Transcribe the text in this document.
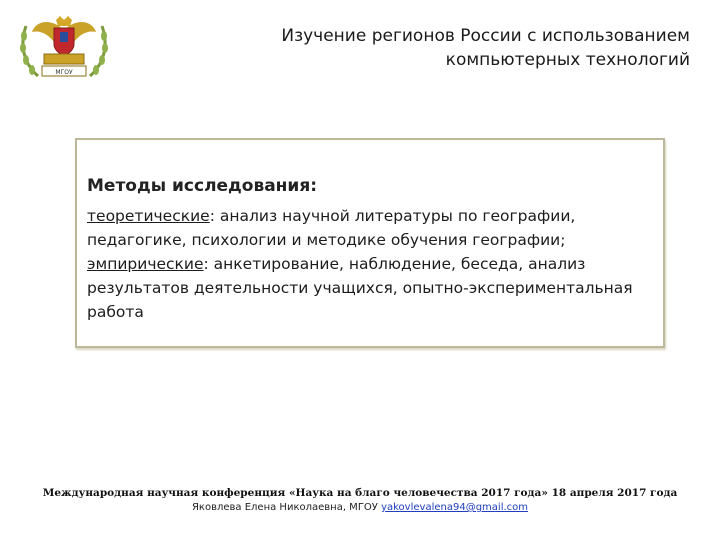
МГОУ
Изучение регионов России с использованием компьютерных технологий
Методы исследования:
теоретические: анализ научной литературы по географии, педагогике, психологии и методике обучения географии;
эмпирические: анкетирование, наблюдение, беседа, анализ результатов деятельности учащихся, опытно-экспериментальная работа
Международная научная конференция «Наука на благо человечества 2017 года» 18 апреля 2017 года
Яковлева Елена Николаевна, МГОУ yakovlevalena94@gmail.com
